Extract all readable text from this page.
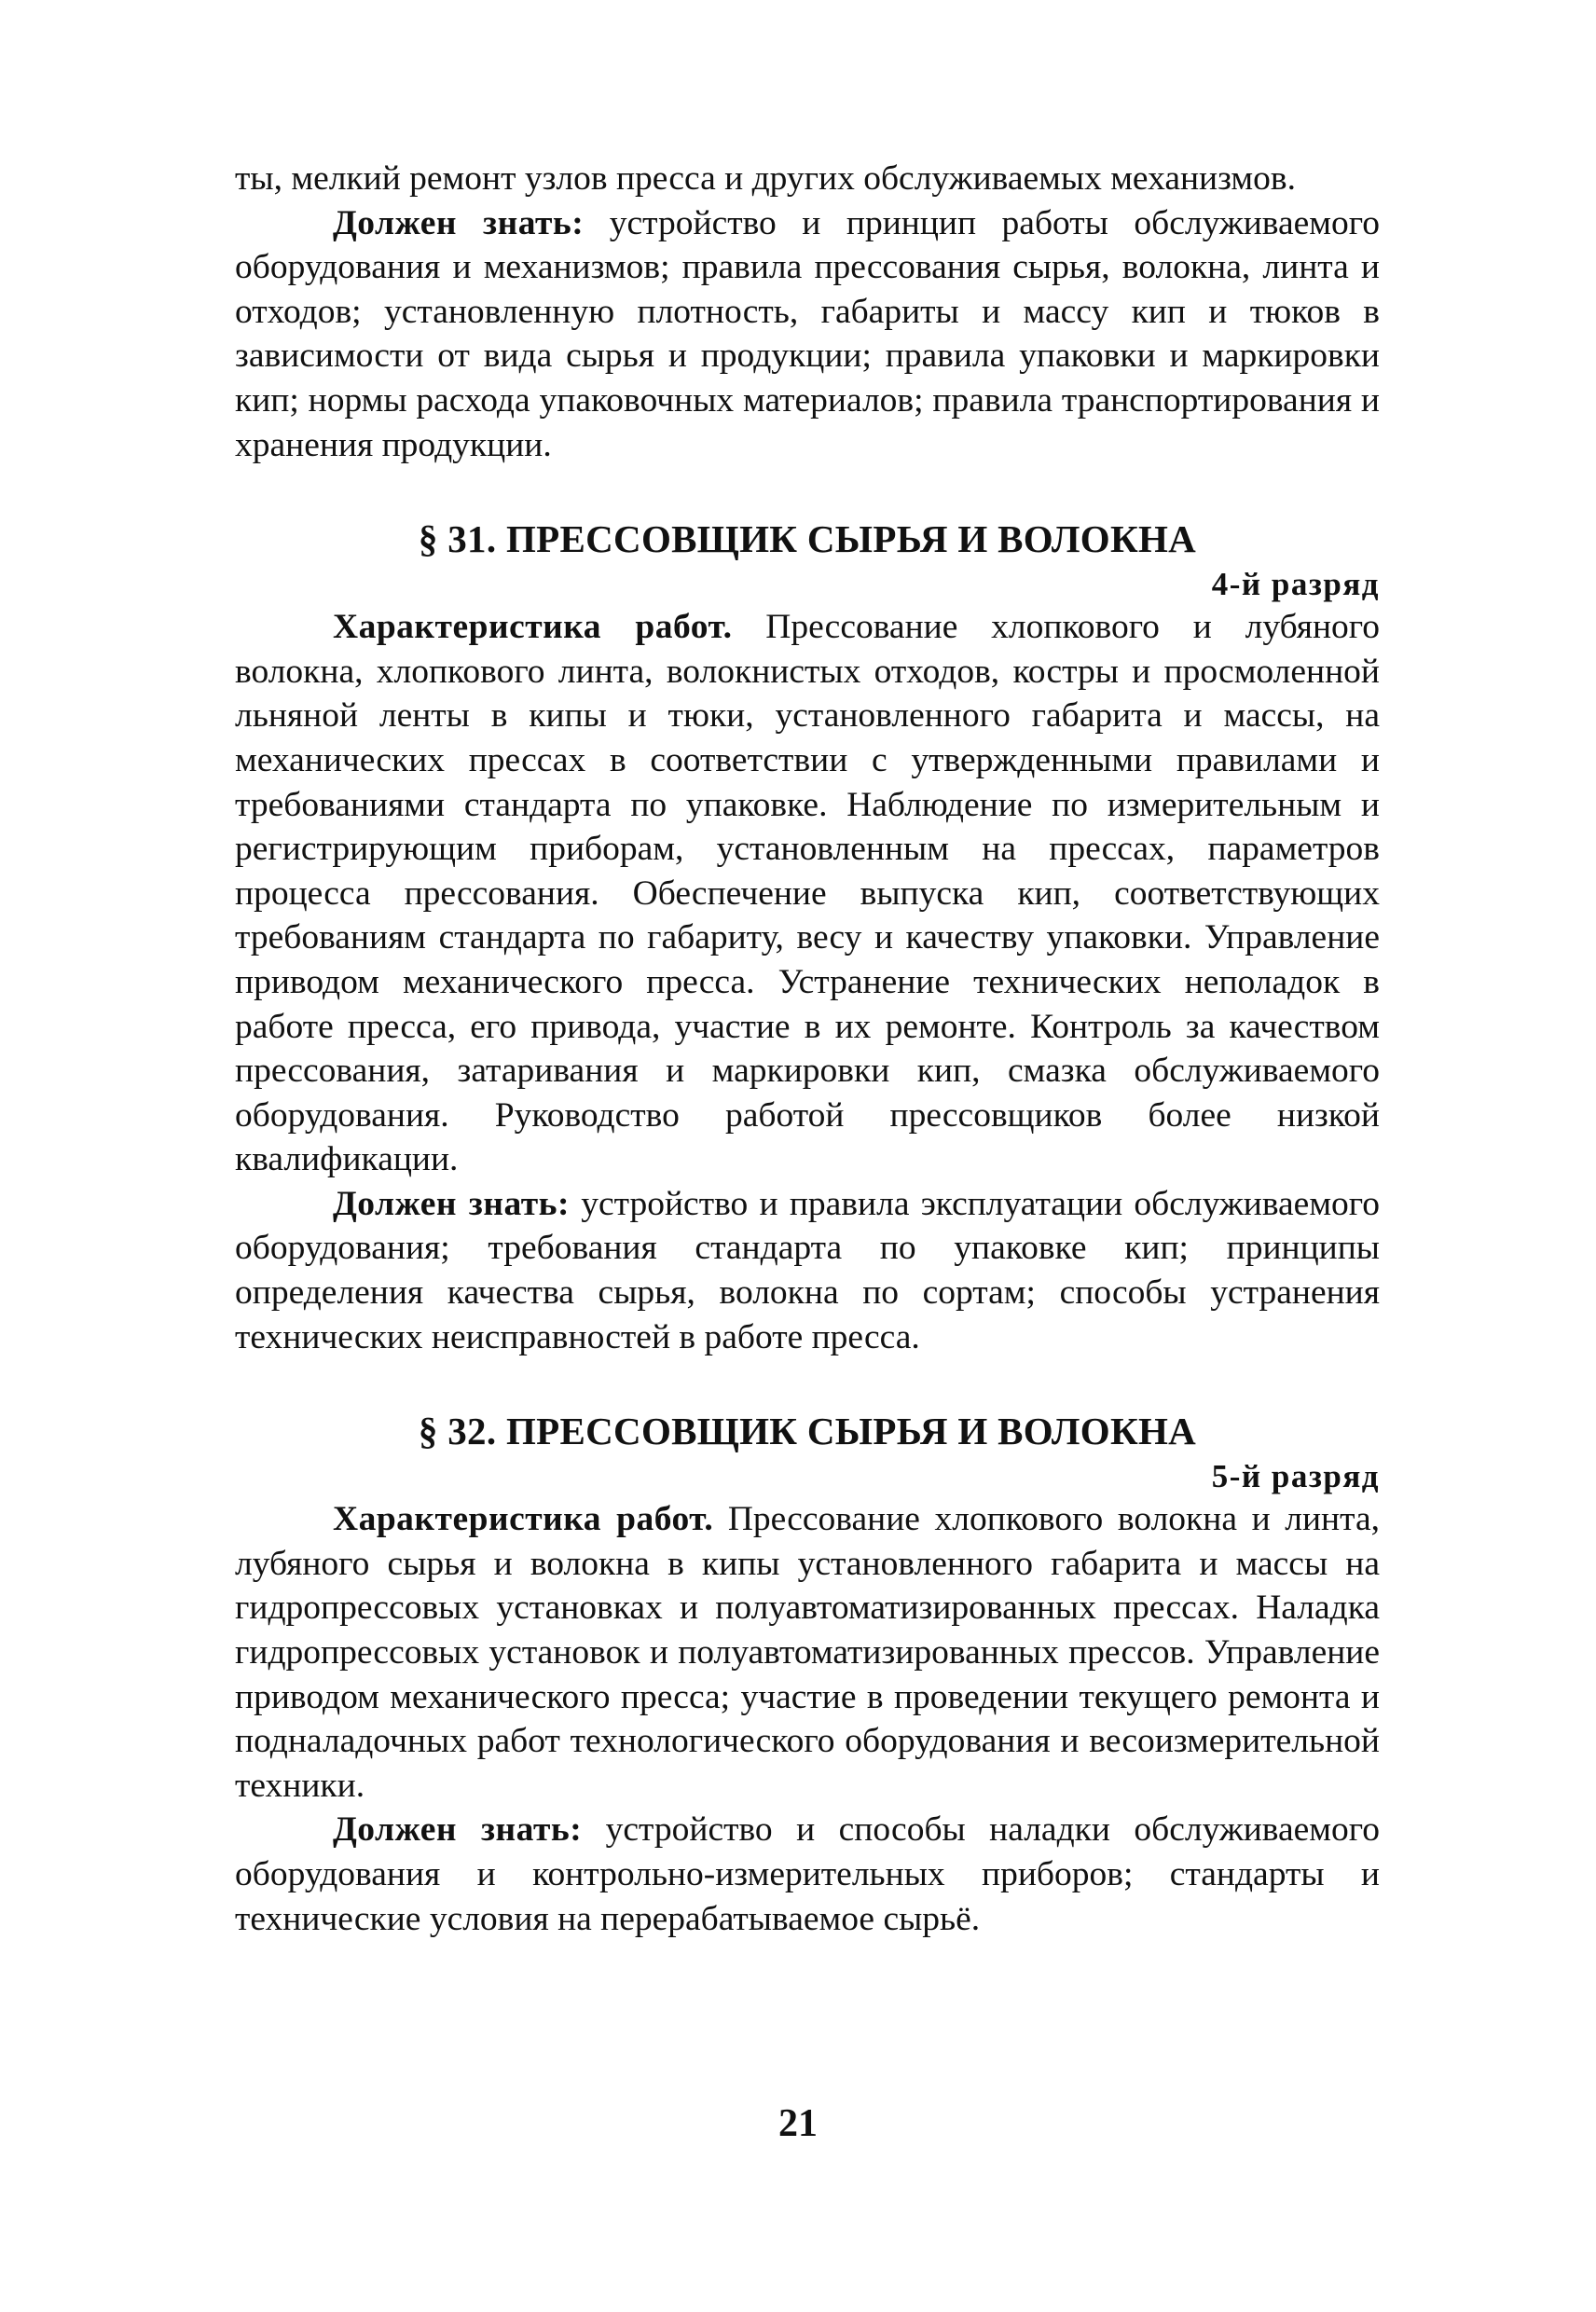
ты, мелкий ремонт узлов пресса и других обслуживаемых механизмов.

Должен знать: устройство и принцип работы обслуживаемого оборудования и механизмов; правила прессования сырья, волокна, линта и отходов; установленную плотность, габариты и массу кип и тюков в зависимости от вида сырья и продукции; правила упаковки и маркировки кип; нормы расхода упаковочных материалов; правила транспортирования и хранения продукции.

§ 31. ПРЕССОВЩИК СЫРЬЯ И ВОЛОКНА
4-й разряд

Характеристика работ. Прессование хлопкового и лубяного волокна, хлопкового линта, волокнистых отходов, костры и просмоленной льняной ленты в кипы и тюки, установленного габарита и массы, на механических прессах в соответствии с утвержденными правилами и требованиями стандарта по упаковке. Наблюдение по измерительным и регистрирующим приборам, установленным на прессах, параметров процесса прессования. Обеспечение выпуска кип, соответствующих требованиям стандарта по габариту, весу и качеству упаковки. Управление приводом механического пресса. Устранение технических неполадок в работе пресса, его привода, участие в их ремонте. Контроль за качеством прессования, затаривания и маркировки кип, смазка обслуживаемого оборудования. Руководство работой прессовщиков более низкой квалификации.

Должен знать: устройство и правила эксплуатации обслуживаемого оборудования; требования стандарта по упаковке кип; принципы определения качества сырья, волокна по сортам; способы устранения технических неисправностей в работе пресса.

§ 32. ПРЕССОВЩИК СЫРЬЯ И ВОЛОКНА
5-й разряд

Характеристика работ. Прессование хлопкового волокна и линта, лубяного сырья и волокна в кипы установленного габарита и массы на гидропрессовых установках и полуавтоматизированных прессах. Наладка гидропрессовых установок и полуавтоматизированных прессов. Управление приводом механического пресса; участие в проведении текущего ремонта и подналадочных работ технологического оборудования и весоизмерительной техники.

Должен знать: устройство и способы наладки обслуживаемого оборудования и контрольно-измерительных приборов; стандарты и технические условия на перерабатываемое сырьё.

21
